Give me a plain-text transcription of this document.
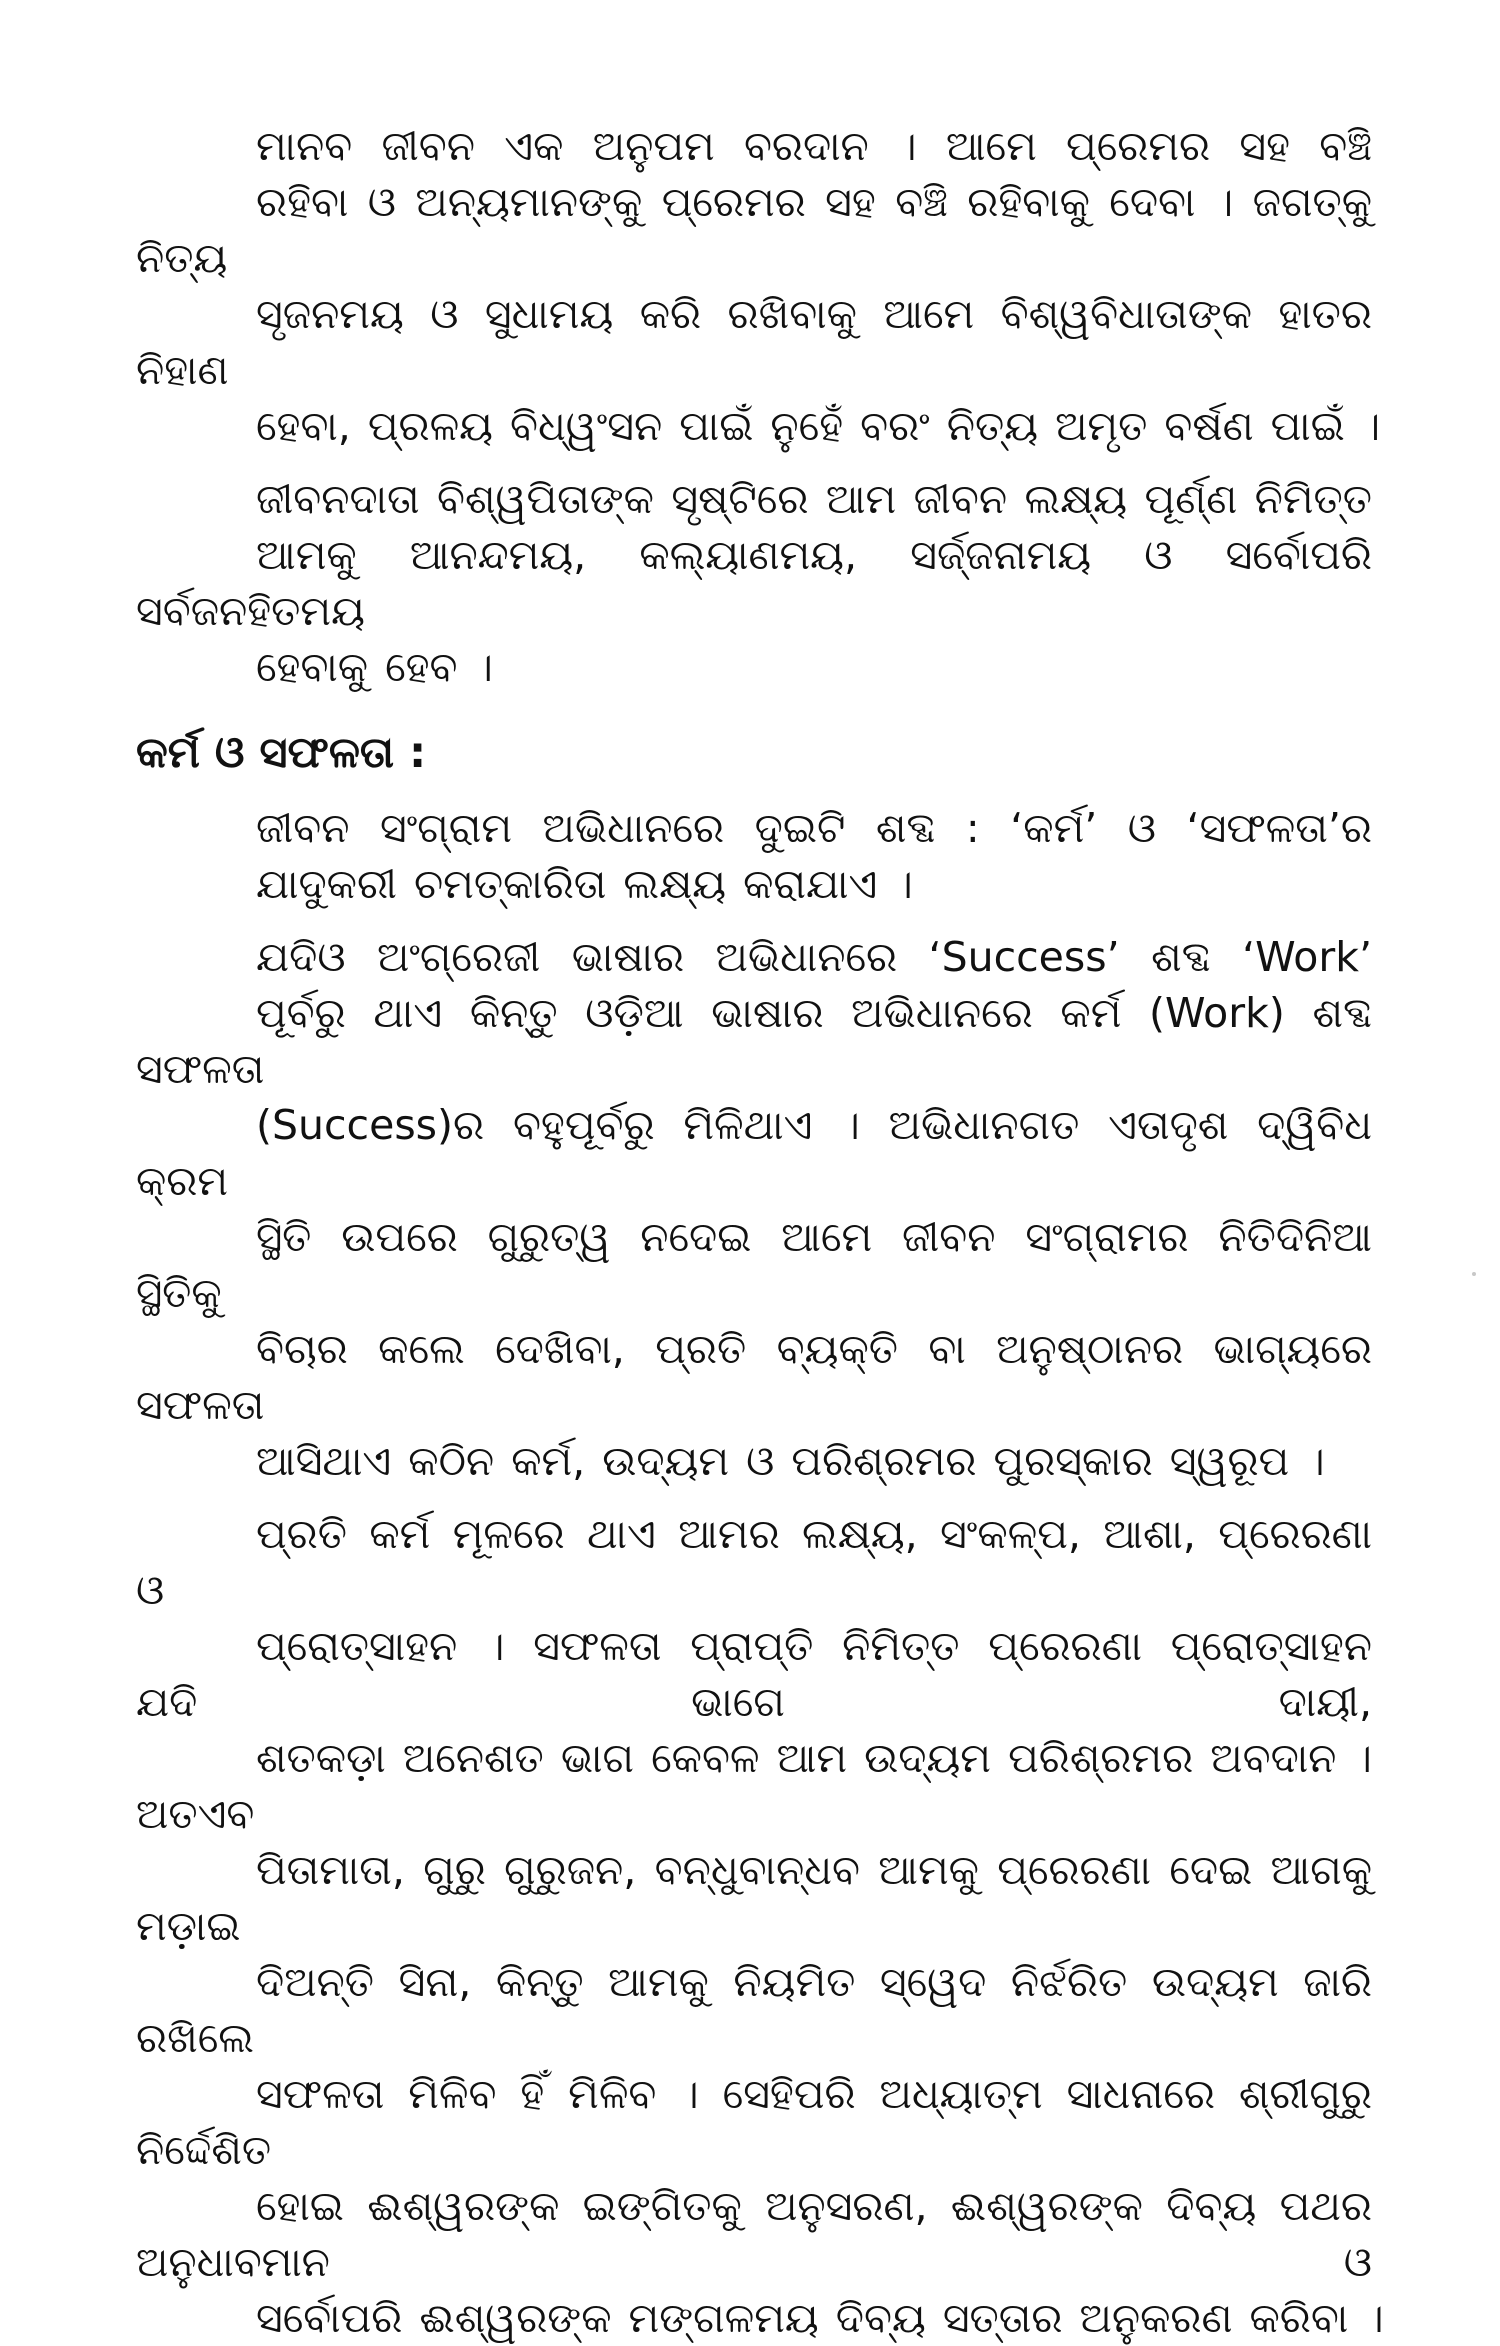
ମାନବ ଜୀବନ ଏକ ଅନୁପମ ବରଦାନ । ଆମେ ପ୍ରେମର ସହ ବଞ୍ଚି
ରହିବା ଓ ଅନ୍ୟମାନଙ୍କୁ ପ୍ରେମର ସହ ବଞ୍ଚି ରହିବାକୁ ଦେବା । ଜଗତ୍‌କୁ ନିତ୍ୟ
ସୃଜନମୟ ଓ ସୁଧାମୟ କରି ରଖିବାକୁ ଆମେ ବିଶ୍ୱବିଧାତାଙ୍କ ହାତର ନିହାଣ
ହେବା, ପ୍ରଳୟ ବିଧ୍ୱଂସନ ପାଇଁ ନୁହେଁ ବରଂ ନିତ୍ୟ ଅମୃତ ବର୍ଷଣ ପାଇଁ ।

ଜୀବନଦାତା ବିଶ୍ୱପିତାଙ୍କ ସୃଷ୍ଟିରେ ଆମ ଜୀବନ ଲକ୍ଷ୍ୟ ପୂର୍ଣ୍ଣ ନିମିତ୍ତ
ଆମକୁ ଆନନ୍ଦମୟ, କଲ୍ୟାଣମୟ, ସର୍ଜ୍ଜନାମୟ ଓ ସର୍ବୋପରି ସର୍ବଜନହିତମୟ
ହେବାକୁ ହେବ ।

କର୍ମ ଓ ସଫଳତା :

ଜୀବନ ସଂଗ୍ରାମ ଅଭିଧାନରେ ଦୁଇଟି ଶବ୍ଦ : ‘କର୍ମ’ ଓ ‘ସଫଳତା’ର
ଯାଦୁକରୀ ଚମତ୍କାରିତା ଲକ୍ଷ୍ୟ କରାଯାଏ ।

ଯଦିଓ ଅଂଗ୍ରେଜୀ ଭାଷାର ଅଭିଧାନରେ ‘Success’ ଶବ୍ଦ ‘Work’
ପୂର୍ବରୁ ଥାଏ କିନ୍ତୁ ଓଡ଼ିଆ ଭାଷାର ଅଭିଧାନରେ କର୍ମ (Work) ଶବ୍ଦ ସଫଳତା
(Success)ର ବହୁପୂର୍ବରୁ ମିଳିଥାଏ । ଅଭିଧାନଗତ ଏତାଦୃଶ ଦ୍ୱିବିଧ କ୍ରମ
ସ୍ଥିତି ଉପରେ ଗୁରୁତ୍ୱ ନଦେଇ ଆମେ ଜୀବନ ସଂଗ୍ରାମର ନିତିଦିନିଆ ସ୍ଥିତିକୁ
ବିଚାର କଲେ ଦେଖିବା, ପ୍ରତି ବ୍ୟକ୍ତି ବା ଅନୁଷ୍ଠାନର ଭାଗ୍ୟରେ ସଫଳତା
ଆସିଥାଏ କଠିନ କର୍ମ, ଉଦ୍ୟମ ଓ ପରିଶ୍ରମର ପୁରସ୍କାର ସ୍ୱରୂପ ।

ପ୍ରତି କର୍ମ ମୂଳରେ ଥାଏ ଆମର ଲକ୍ଷ୍ୟ, ସଂକଳ୍ପ, ଆଶା, ପ୍ରେରଣା ଓ
ପ୍ରୋତ୍ସାହନ । ସଫଳତା ପ୍ରାପ୍ତି ନିମିତ୍ତ ପ୍ରେରଣା ପ୍ରୋତ୍ସାହନ ଯଦି ଭାଗେ ଦାୟୀ,
ଶତକଡ଼ା ଅନେଶତ ଭାଗ କେବଳ ଆମ ଉଦ୍ୟମ ପରିଶ୍ରମର ଅବଦାନ । ଅତଏବ
ପିତାମାତା, ଗୁରୁ ଗୁରୁଜନ, ବନ୍ଧୁବାନ୍ଧବ ଆମକୁ ପ୍ରେରଣା ଦେଇ ଆଗକୁ ମଡ଼ାଇ
ଦିଅନ୍ତି ସିନା, କିନ୍ତୁ ଆମକୁ ନିୟମିତ ସ୍ୱେଦ ନିର୍ଝରିତ ଉଦ୍ୟମ ଜାରି ରଖିଲେ
ସଫଳତା ମିଳିବ ହିଁ ମିଳିବ । ସେହିପରି ଅଧ୍ୟାତ୍ମ ସାଧନାରେ ଶ୍ରୀଗୁରୁ ନିର୍ଦ୍ଦେଶିତ
ହୋଇ ଈଶ୍ୱରଙ୍କ ଇଙ୍ଗିତକୁ ଅନୁସରଣ, ଈଶ୍ୱରଙ୍କ ଦିବ୍ୟ ପଥର ଅନୁଧାବମାନ ଓ
ସର୍ବୋପରି ଈଶ୍ୱରଙ୍କ ମଙ୍ଗଳମୟ ଦିବ୍ୟ ସତ୍ତାର ଅନୁକରଣ କରିବା ।
